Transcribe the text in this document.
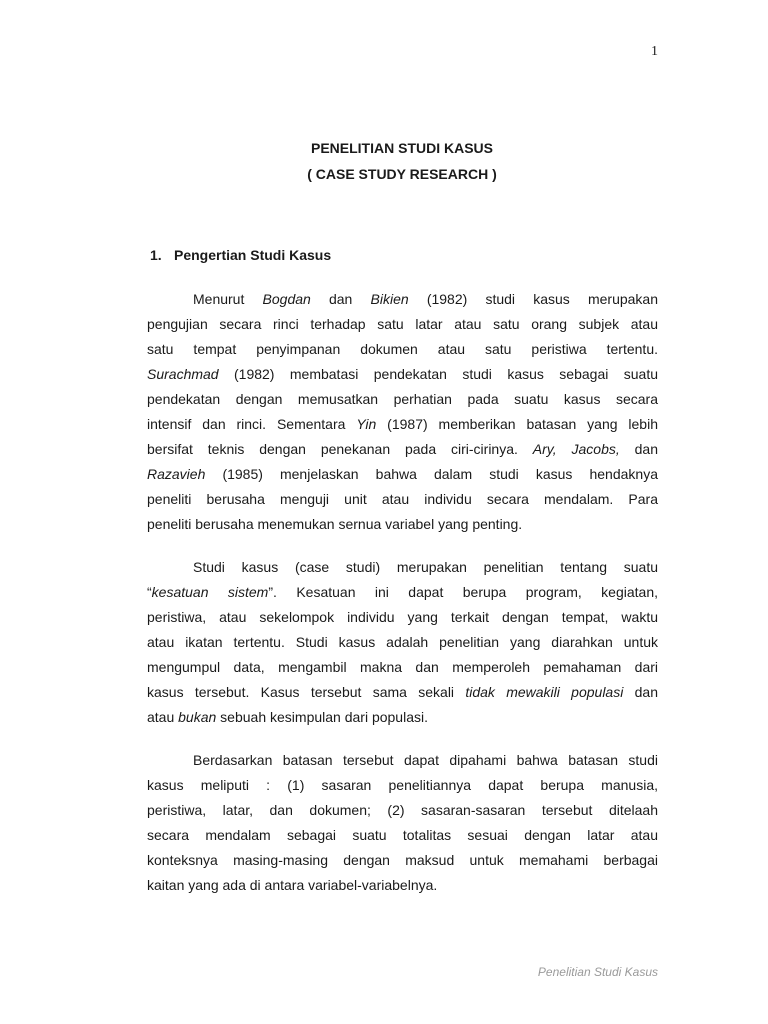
1
PENELITIAN STUDI KASUS
( CASE STUDY RESEARCH )
1. Pengertian Studi Kasus
Menurut Bogdan dan Bikien (1982) studi kasus merupakan
pengujian secara rinci terhadap satu latar atau satu orang subjek atau
satu tempat penyimpanan dokumen atau satu peristiwa tertentu.
Surachmad (1982) membatasi pendekatan studi kasus sebagai suatu
pendekatan dengan memusatkan perhatian pada suatu kasus secara
intensif dan rinci. Sementara Yin (1987) memberikan batasan yang lebih
bersifat teknis dengan penekanan pada ciri-cirinya. Ary, Jacobs, dan
Razavieh (1985) menjelaskan bahwa dalam studi kasus hendaknya
peneliti berusaha menguji unit atau individu secara mendalam. Para
peneliti berusaha menemukan sernua variabel yang penting.
Studi kasus (case studi) merupakan penelitian tentang suatu
“kesatuan sistem”. Kesatuan ini dapat berupa program, kegiatan,
peristiwa, atau sekelompok individu yang terkait dengan tempat, waktu
atau ikatan tertentu. Studi kasus adalah penelitian yang diarahkan untuk
mengumpul data, mengambil makna dan memperoleh pemahaman dari
kasus tersebut. Kasus tersebut sama sekali tidak mewakili populasi dan
atau bukan sebuah kesimpulan dari populasi.
Berdasarkan batasan tersebut dapat dipahami bahwa batasan studi
kasus meliputi : (1) sasaran penelitiannya dapat berupa manusia,
peristiwa, latar, dan dokumen; (2) sasaran-sasaran tersebut ditelaah
secara mendalam sebagai suatu totalitas sesuai dengan latar atau
konteksnya masing-masing dengan maksud untuk memahami berbagai
kaitan yang ada di antara variabel-variabelnya.
Penelitian Studi Kasus
